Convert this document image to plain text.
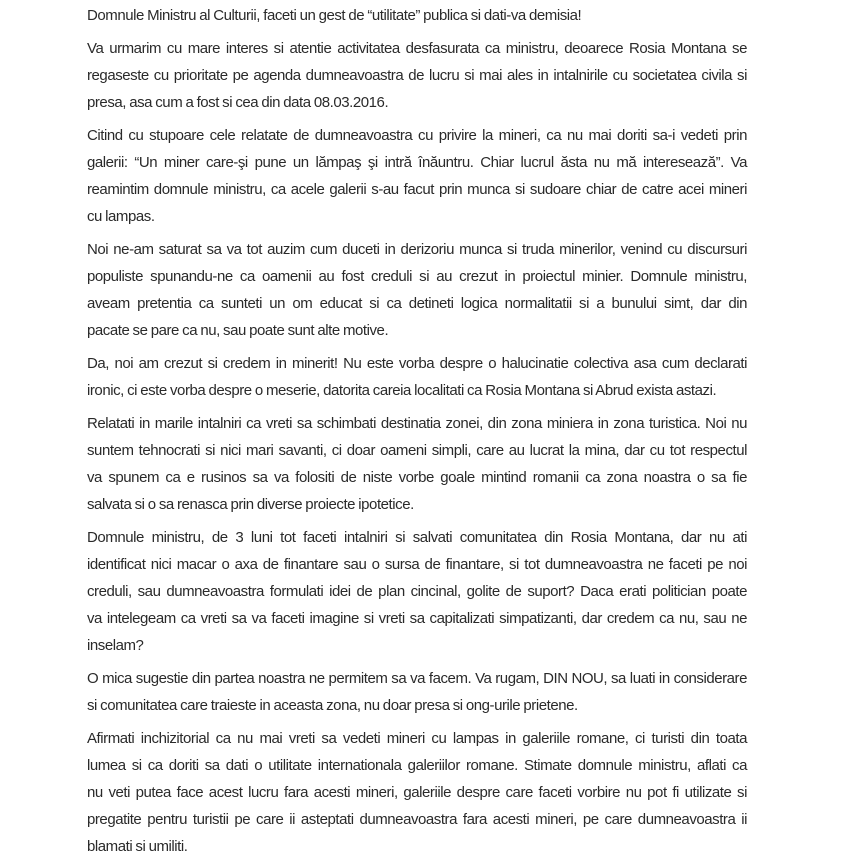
Domnule Ministru al Culturii, faceti un gest de “utilitate” publica si dati-va demisia!
Va urmarim cu mare interes si atentie activitatea desfasurata ca ministru, deoarece Rosia Montana se
regaseste cu prioritate pe agenda dumneavoastra de lucru si mai ales in intalnirile cu societatea civila si
presa, asa cum a fost si cea din data 08.03.2016.
Citind cu stupoare cele relatate de dumneavoastra cu privire la mineri, ca nu mai doriti sa-i vedeti prin
galerii: “Un miner care-şi pune un lămpaş şi intră înăuntru. Chiar lucrul ăsta nu mă interesează”. Va
reamintim domnule ministru, ca acele galerii s-au facut prin munca si sudoare chiar de catre acei mineri
cu lampas.
Noi ne-am saturat sa va tot auzim cum duceti in derizoriu munca si truda minerilor, venind cu discursuri
populiste spunandu-ne ca oamenii au fost creduli si au crezut in proiectul minier. Domnule ministru,
aveam pretentia ca sunteti un om educat si ca detineti logica normalitatii si a bunului simt, dar din
pacate se pare ca nu, sau poate sunt alte motive.
Da, noi am crezut si credem in minerit! Nu este vorba despre o halucinatie colectiva asa cum declarati
ironic, ci este vorba despre o meserie, datorita careia localitati ca Rosia Montana si Abrud exista astazi.
Relatati in marile intalniri ca vreti sa schimbati destinatia zonei, din zona miniera in zona turistica. Noi nu
suntem tehnocrati si nici mari savanti, ci doar oameni simpli, care au lucrat la mina, dar cu tot respectul
va spunem ca e rusinos sa va folositi de niste vorbe goale mintind romanii ca zona noastra o sa fie
salvata si o sa renasca prin diverse proiecte ipotetice.
Domnule ministru, de 3 luni tot faceti intalniri si salvati comunitatea din Rosia Montana, dar nu ati
identificat nici macar o axa de finantare sau o sursa de finantare, si tot dumneavoastra ne faceti pe noi
creduli, sau dumneavoastra formulati idei de plan cincinal, golite de suport? Daca erati politician poate
va intelegeam ca vreti sa va faceti imagine si vreti sa capitalizati simpatizanti, dar credem ca nu, sau ne
inselam?
O mica sugestie din partea noastra ne permitem sa va facem. Va rugam, DIN NOU, sa luati in considerare
si comunitatea care traieste in aceasta zona, nu doar presa si ong-urile prietene.
Afirmati inchizitorial ca nu mai vreti sa vedeti mineri cu lampas in galeriile romane, ci turisti din toata
lumea si ca doriti sa dati o utilitate internationala galeriilor romane. Stimate domnule ministru, aflati ca
nu veti putea face acest lucru fara acesti mineri, galeriile despre care faceti vorbire nu pot fi utilizate si
pregatite pentru turistii pe care ii asteptati dumneavoastra fara acesti mineri, pe care dumneavoastra ii
blamati si umiliti.
